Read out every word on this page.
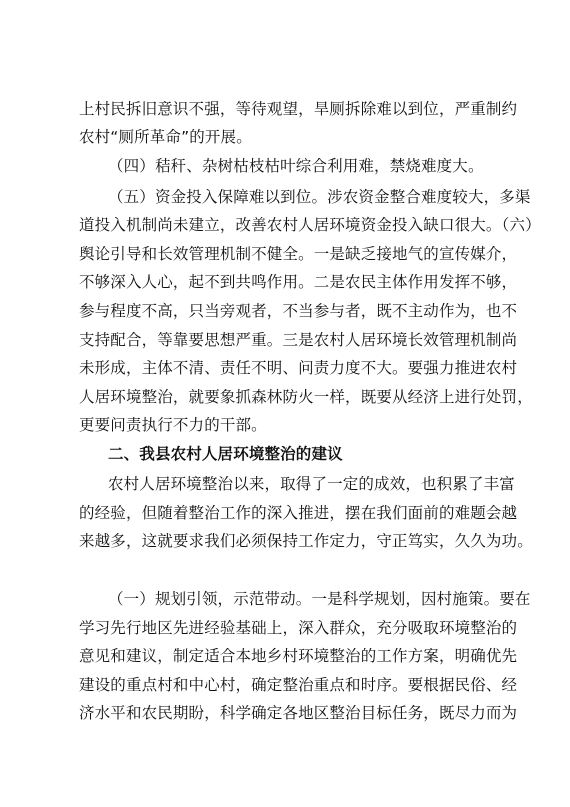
上村民拆旧意识不强，等待观望，旱厕拆除难以到位，严重制约
农村“厕所革命”的开展。
（四）秸秆、杂树枯枝枯叶综合利用难，禁烧难度大。
（五）资金投入保障难以到位。涉农资金整合难度较大，多渠
道投入机制尚未建立，改善农村人居环境资金投入缺口很大。（六）
舆论引导和长效管理机制不健全。一是缺乏接地气的宣传媒介，
不够深入人心，起不到共鸣作用。二是农民主体作用发挥不够，
参与程度不高，只当旁观者，不当参与者，既不主动作为，也不
支持配合，等靠要思想严重。三是农村人居环境长效管理机制尚
未形成，主体不清、责任不明、问责力度不大。要强力推进农村
人居环境整治，就要象抓森林防火一样，既要从经济上进行处罚，
更要问责执行不力的干部。
二、我县农村人居环境整治的建议
农村人居环境整治以来，取得了一定的成效，也积累了丰富
的经验，但随着整治工作的深入推进，摆在我们面前的难题会越
来越多，这就要求我们必须保持工作定力，守正笃实，久久为功。
（一）规划引领，示范带动。一是科学规划，因村施策。要在
学习先行地区先进经验基础上，深入群众，充分吸取环境整治的
意见和建议，制定适合本地乡村环境整治的工作方案，明确优先
建设的重点村和中心村，确定整治重点和时序。要根据民俗、经
济水平和农民期盼，科学确定各地区整治目标任务，既尽力而为
